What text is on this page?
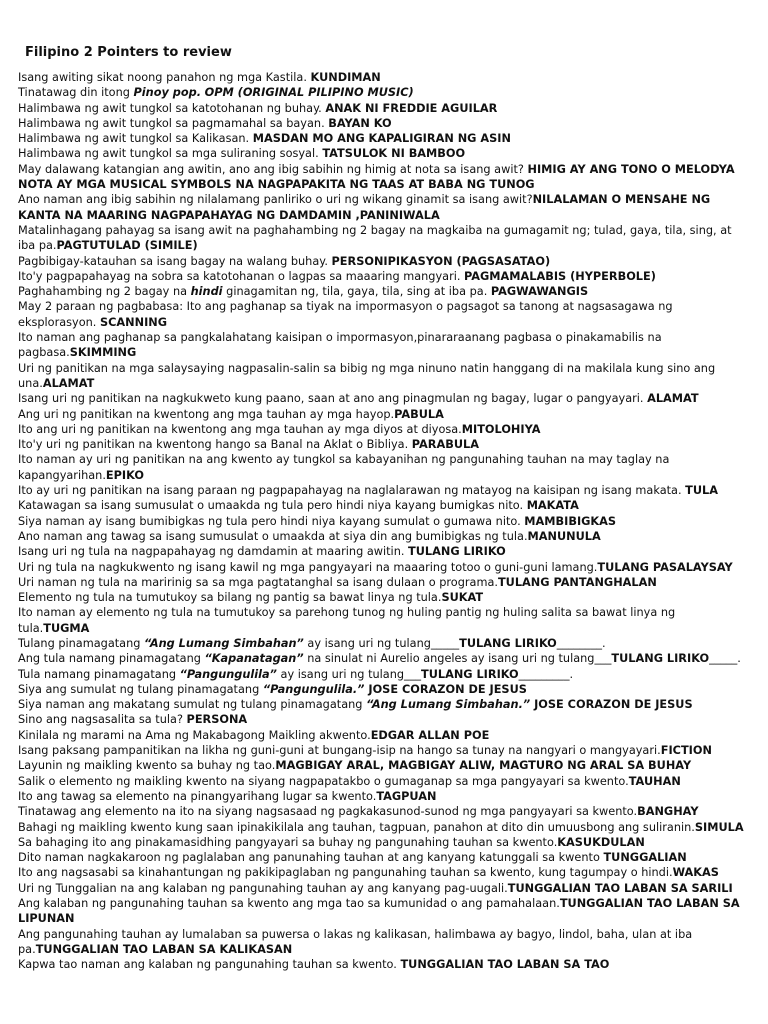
Filipino 2 Pointers to review

Isang awiting sikat noong panahon ng mga Kastila. KUNDIMAN

Tinatawag din itong Pinoy pop. OPM (ORIGINAL PILIPINO MUSIC)

Halimbawa ng awit tungkol sa katotohanan ng buhay. ANAK NI FREDDIE AGUILAR

Halimbawa ng awit tungkol sa pagmamahal sa bayan. BAYAN KO

Halimbawa ng awit tungkol sa Kalikasan. MASDAN MO ANG KAPALIGIRAN NG ASIN

Halimbawa ng awit tungkol sa mga suliraning sosyal. TATSULOK NI BAMBOO

May dalawang katangian ang awitin, ano ang ibig sabihin ng himig at nota sa isang awit? HIMIG AY ANG TONO O MELODYA NOTA AY MGA MUSICAL SYMBOLS NA NAGPAPAKITA NG TAAS AT BABA NG TUNOG

Ano naman ang ibig sabihin ng nilalamang panliriko o uri ng wikang ginamit sa isang awit?NILALAMAN O MENSAHE NG KANTA NA MAARING NAGPAPAHAYAG NG DAMDAMIN ,PANINIWALA

Matalinhagang pahayag sa isang awit na paghahambing ng 2 bagay na magkaiba na gumagamit ng; tulad, gaya, tila, sing, at iba pa.PAGTUTULAD (SIMILE)

Pagbibigay-katauhan sa isang bagay na walang buhay. PERSONIPIKASYON (PAGSASATAO)

Ito'y pagpapahayag na sobra sa katotohanan o lagpas sa maaaring mangyari. PAGMAMALABIS (HYPERBOLE)

Paghahambing ng 2 bagay na hindi ginagamitan ng, tila, gaya, tila, sing at iba pa. PAGWAWANGIS

May 2 paraan ng pagbabasa: Ito ang paghanap sa tiyak na impormasyon o pagsagot sa tanong at nagsasagawa ng eksplorasyon. SCANNING

Ito naman ang paghanap sa pangkalahatang kaisipan o impormasyon,pinararaanang pagbasa o pinakamabilis na pagbasa.SKIMMING

Uri ng panitikan na mga salaysaying nagpasalin-salin sa bibig ng mga ninuno natin hanggang di na makilala kung sino ang una.ALAMAT

Isang uri ng panitikan na nagkukweto kung paano, saan at ano ang pinagmulan ng bagay, lugar o pangyayari. ALAMAT

Ang uri ng panitikan na kwentong ang mga tauhan ay mga hayop.PABULA

Ito ang uri ng panitikan na kwentong ang mga tauhan ay mga diyos at diyosa.MITOLOHIYA

Ito'y uri ng panitikan na kwentong hango sa Banal na Aklat o Bibliya. PARABULA

Ito naman ay uri ng panitikan na ang kwento ay tungkol sa kabayanihan ng pangunahing tauhan na may taglay na kapangyarihan.EPIKO

Ito ay uri ng panitikan na isang paraan ng pagpapahayag na naglalarawan ng matayog na kaisipan ng isang makata. TULA

Katawagan sa isang sumusulat o umaakda ng tula pero hindi niya kayang bumigkas nito. MAKATA

Siya naman ay isang bumibigkas ng tula pero hindi niya kayang sumulat o gumawa nito. MAMBIBIGKAS

Ano naman ang tawag sa isang sumusulat o umaakda at siya din ang bumibigkas ng tula.MANUNULA

Isang uri ng tula na nagpapahayag ng damdamin at maaring awitin. TULANG LIRIKO

Uri ng tula na nagkukwento ng isang kawil ng mga pangyayari na maaaring totoo o guni-guni lamang.TULANG PASALAYSAY

Uri naman ng tula na maririnig sa sa mga pagtatanghal sa isang dulaan o programa.TULANG PANTANGHALAN

Elemento ng tula na tumutukoy sa bilang ng pantig sa bawat linya ng tula.SUKAT

Ito naman ay elemento ng tula na tumutukoy sa parehong tunog ng huling pantig ng huling salita sa bawat linya ng tula.TUGMA

Tulang pinamagatang “Ang Lumang Simbahan” ay isang uri ng tulang_____TULANG LIRIKO________.

Ang tula namang pinamagatang “Kapanatagan” na sinulat ni Aurelio angeles ay isang uri ng tulang___TULANG LIRIKO_____.

Tula namang pinamagatang “Pangungulila” ay isang uri ng tulang___TULANG LIRIKO_________.

Siya ang sumulat ng tulang pinamagatang “Pangungulila.” JOSE CORAZON DE JESUS

Siya naman ang makatang sumulat ng tulang pinamagatang “Ang Lumang Simbahan.” JOSE CORAZON DE JESUS

Sino ang nagsasalita sa tula? PERSONA

Kinilala ng marami na Ama ng Makabagong Maikling akwento.EDGAR ALLAN POE

Isang paksang pampanitikan na likha ng guni-guni at bungang-isip na hango sa tunay na nangyari o mangyayari.FICTION

Layunin ng maikling kwento sa buhay ng tao.MAGBIGAY ARAL, MAGBIGAY ALIW, MAGTURO NG ARAL SA BUHAY

Salik o elemento ng maikling kwento na siyang nagpapatakbo o gumaganap sa mga pangyayari sa kwento.TAUHAN

Ito ang tawag sa elemento na pinangyarihang lugar sa kwento.TAGPUAN

Tinatawag ang elemento na ito na siyang nagsasaad ng pagkakasunod-sunod ng mga pangyayari sa kwento.BANGHAY

Bahagi ng maikling kwento kung saan ipinakikilala ang tauhan, tagpuan, panahon at dito din umuusbong ang suliranin.SIMULA

Sa bahaging ito ang pinakamasidhing pangyayari sa buhay ng pangunahing tauhan sa kwento.KASUKDULAN

Dito naman nagkakaroon ng paglalaban ang panunahing tauhan at ang kanyang katunggali sa kwento TUNGGALIAN

Ito ang nagsasabi sa kinahantungan ng pakikipaglaban ng pangunahing tauhan sa kwento, kung tagumpay o hindi.WAKAS

Uri ng Tunggalian na ang kalaban ng pangunahing tauhan ay ang kanyang pag-uugali.TUNGGALIAN TAO LABAN SA SARILI

Ang kalaban ng pangunahing tauhan sa kwento ang mga tao sa kumunidad o ang pamahalaan.TUNGGALIAN TAO LABAN SA LIPUNAN

Ang pangunahing tauhan ay lumalaban sa puwersa o lakas ng kalikasan, halimbawa ay bagyo, lindol, baha, ulan at iba pa.TUNGGALIAN TAO LABAN SA KALIKASAN

Kapwa tao naman ang kalaban ng pangunahing tauhan sa kwento. TUNGGALIAN TAO LABAN SA TAO
